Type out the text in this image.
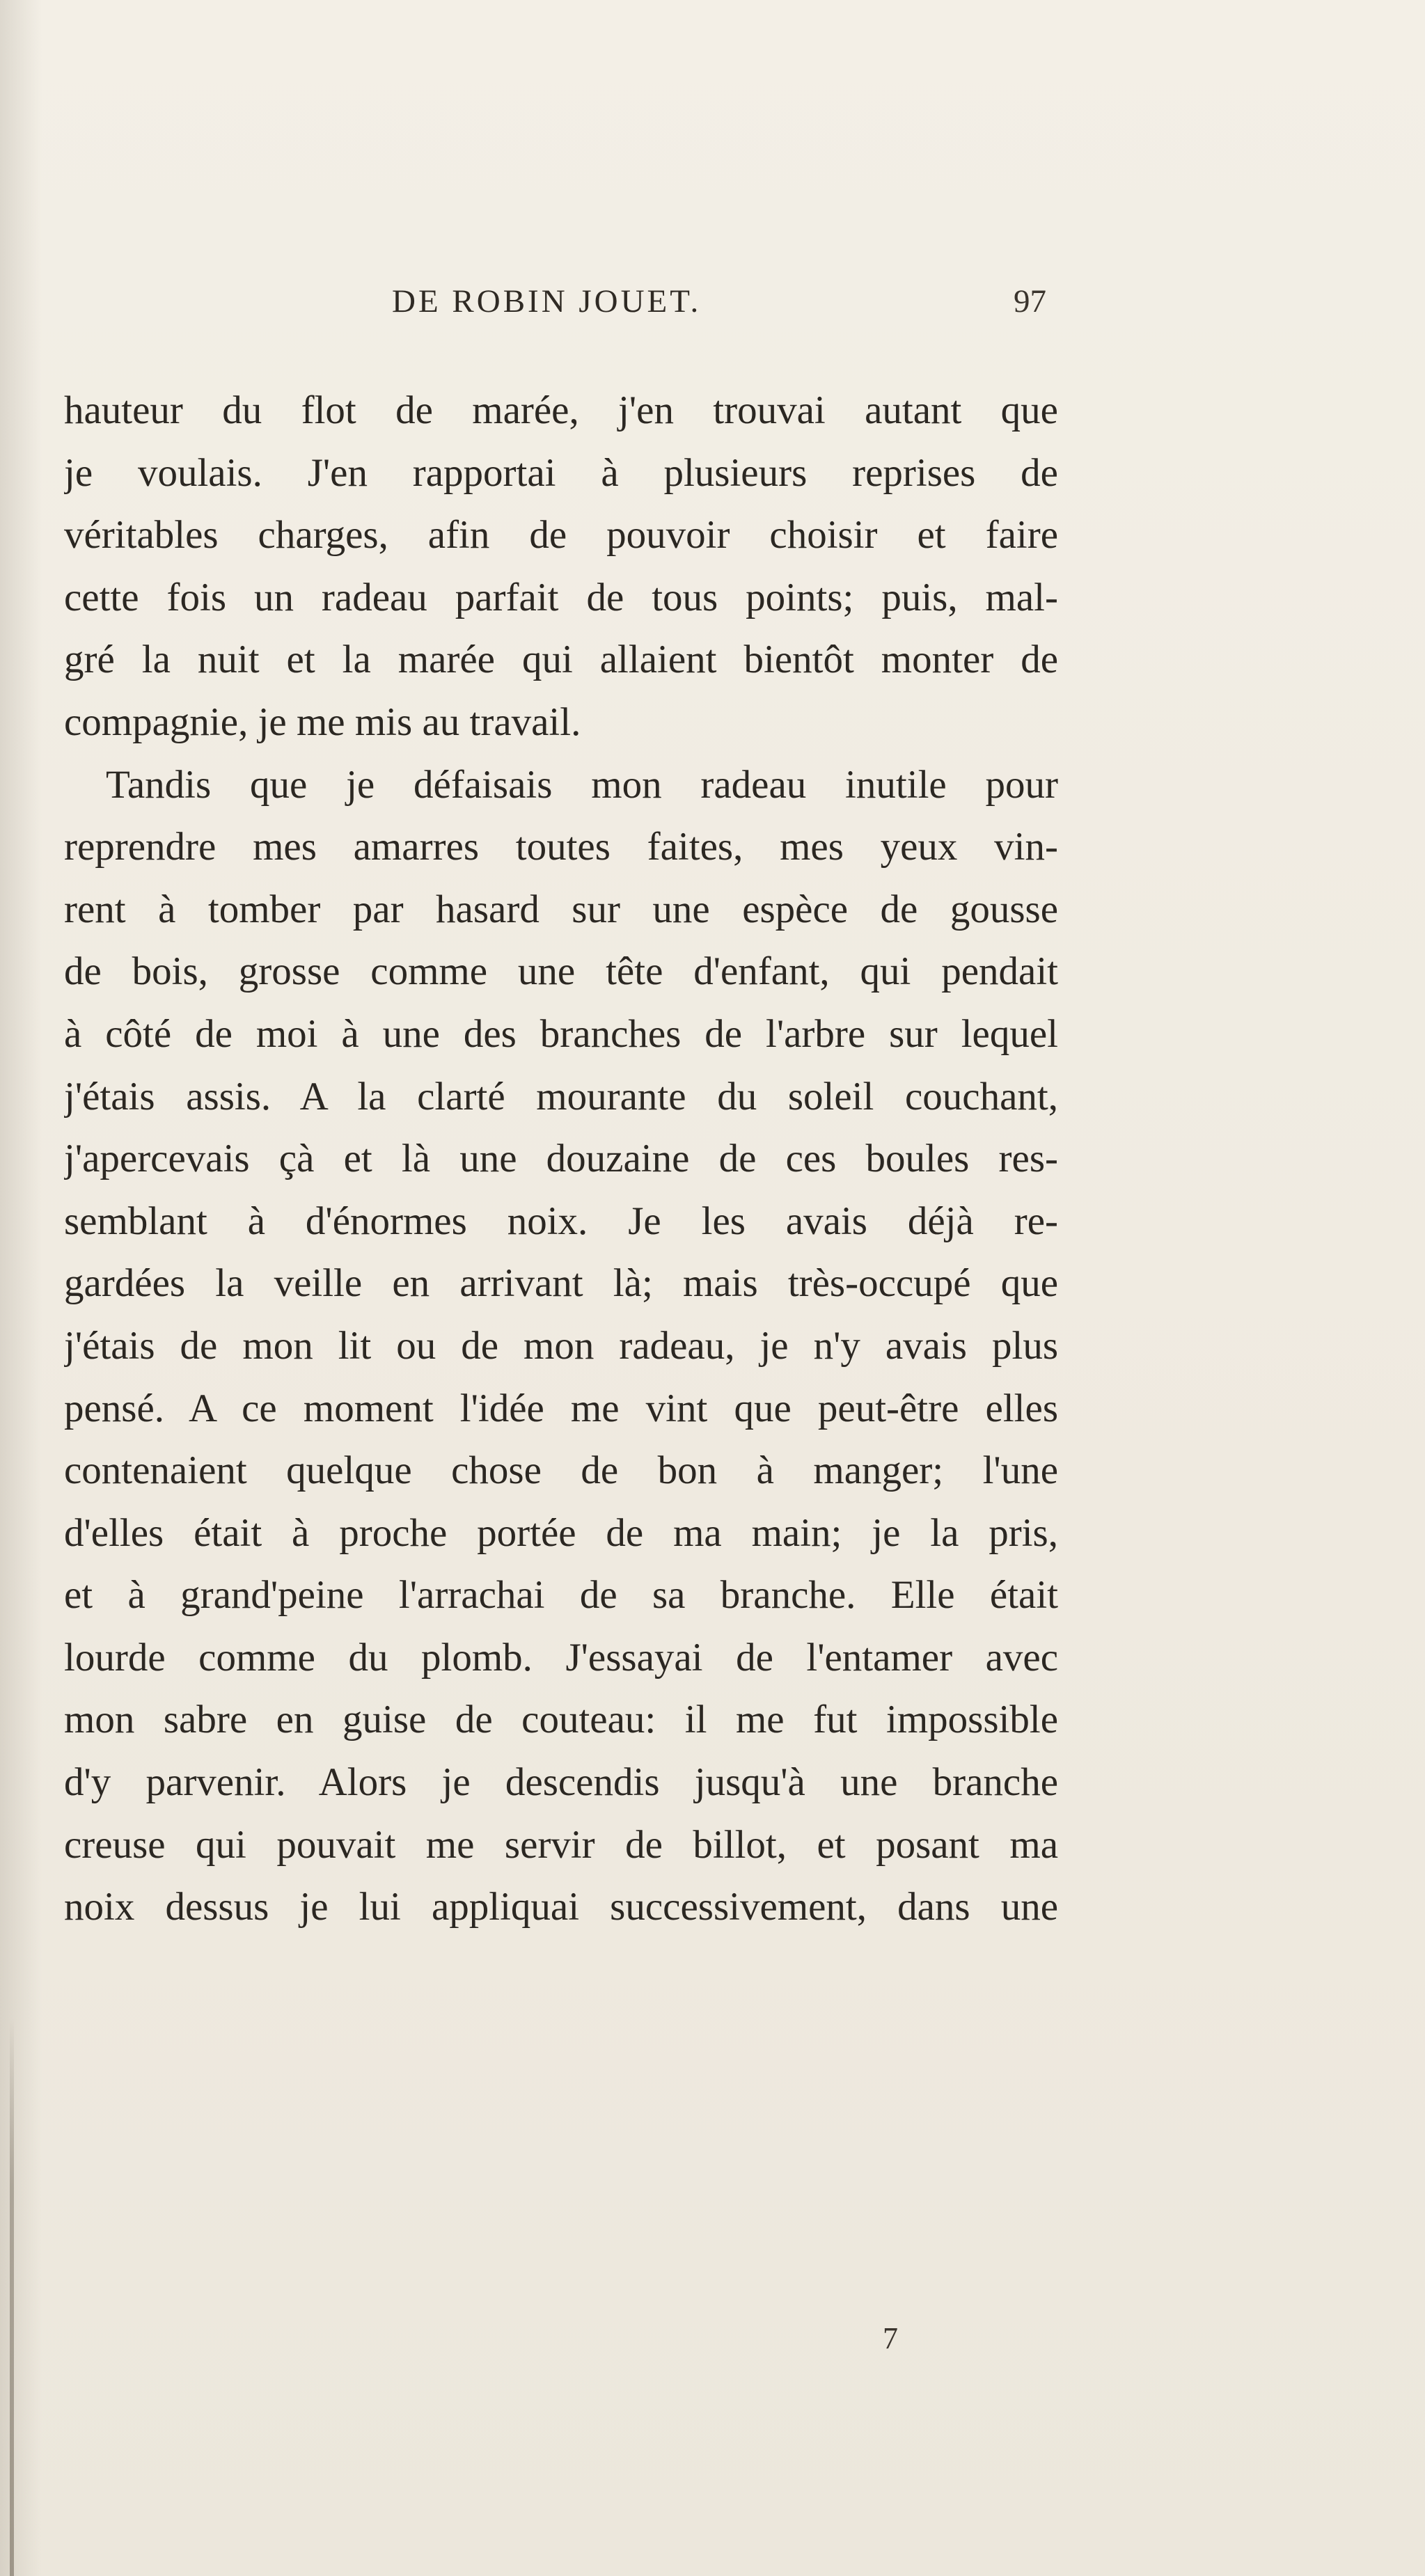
DE ROBIN JOUET.	97
hauteur du flot de marée, j'en trouvai autant que
je voulais. J'en rapportai à plusieurs reprises de
véritables charges, afin de pouvoir choisir et faire
cette fois un radeau parfait de tous points; puis, mal-
gré la nuit et la marée qui allaient bientôt monter de
compagnie, je me mis au travail.
Tandis que je défaisais mon radeau inutile pour
reprendre mes amarres toutes faites, mes yeux vin-
rent à tomber par hasard sur une espèce de gousse
de bois, grosse comme une tête d'enfant, qui pendait
à côté de moi à une des branches de l'arbre sur lequel
j'étais assis. A la clarté mourante du soleil couchant,
j'apercevais çà et là une douzaine de ces boules res-
semblant à d'énormes noix. Je les avais déjà re-
gardées la veille en arrivant là; mais très-occupé que
j'étais de mon lit ou de mon radeau, je n'y avais plus
pensé. A ce moment l'idée me vint que peut-être elles
contenaient quelque chose de bon à manger; l'une
d'elles était à proche portée de ma main; je la pris,
et à grand'peine l'arrachai de sa branche. Elle était
lourde comme du plomb. J'essayai de l'entamer avec
mon sabre en guise de couteau: il me fut impossible
d'y parvenir. Alors je descendis jusqu'à une branche
creuse qui pouvait me servir de billot, et posant ma
noix dessus je lui appliquai successivement, dans une
7
